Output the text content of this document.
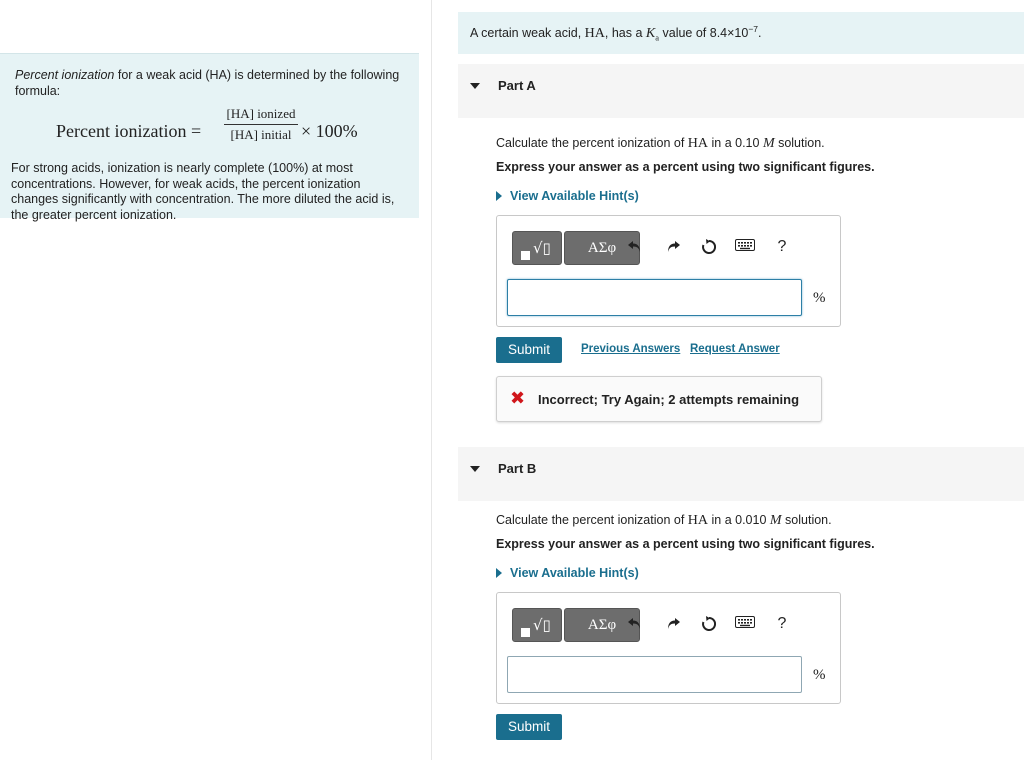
Percent ionization for a weak acid (HA) is determined by the following formula:
Percent ionization =
[HA] ionized
[HA] initial × 100%
For strong acids, ionization is nearly complete (100%) at most concentrations. However, for weak acids, the percent ionization changes significantly with concentration. The more diluted the acid is, the greater percent ionization.
A certain weak acid, HA, has a $K_a$ value of $8.4\times 10^{-7}$.
Part A
Calculate the percent ionization of HA in a 0.10 M solution.
Express your answer as a percent using two significant figures.
View Available Hint(s)
√▯	ΑΣφ	?
%
Submit	Previous Answers Request Answer
✖ Incorrect; Try Again; 2 attempts remaining
Part B
Calculate the percent ionization of HA in a 0.010 M solution.
Express your answer as a percent using two significant figures.
View Available Hint(s)
√▯	ΑΣφ	?
%
Submit
